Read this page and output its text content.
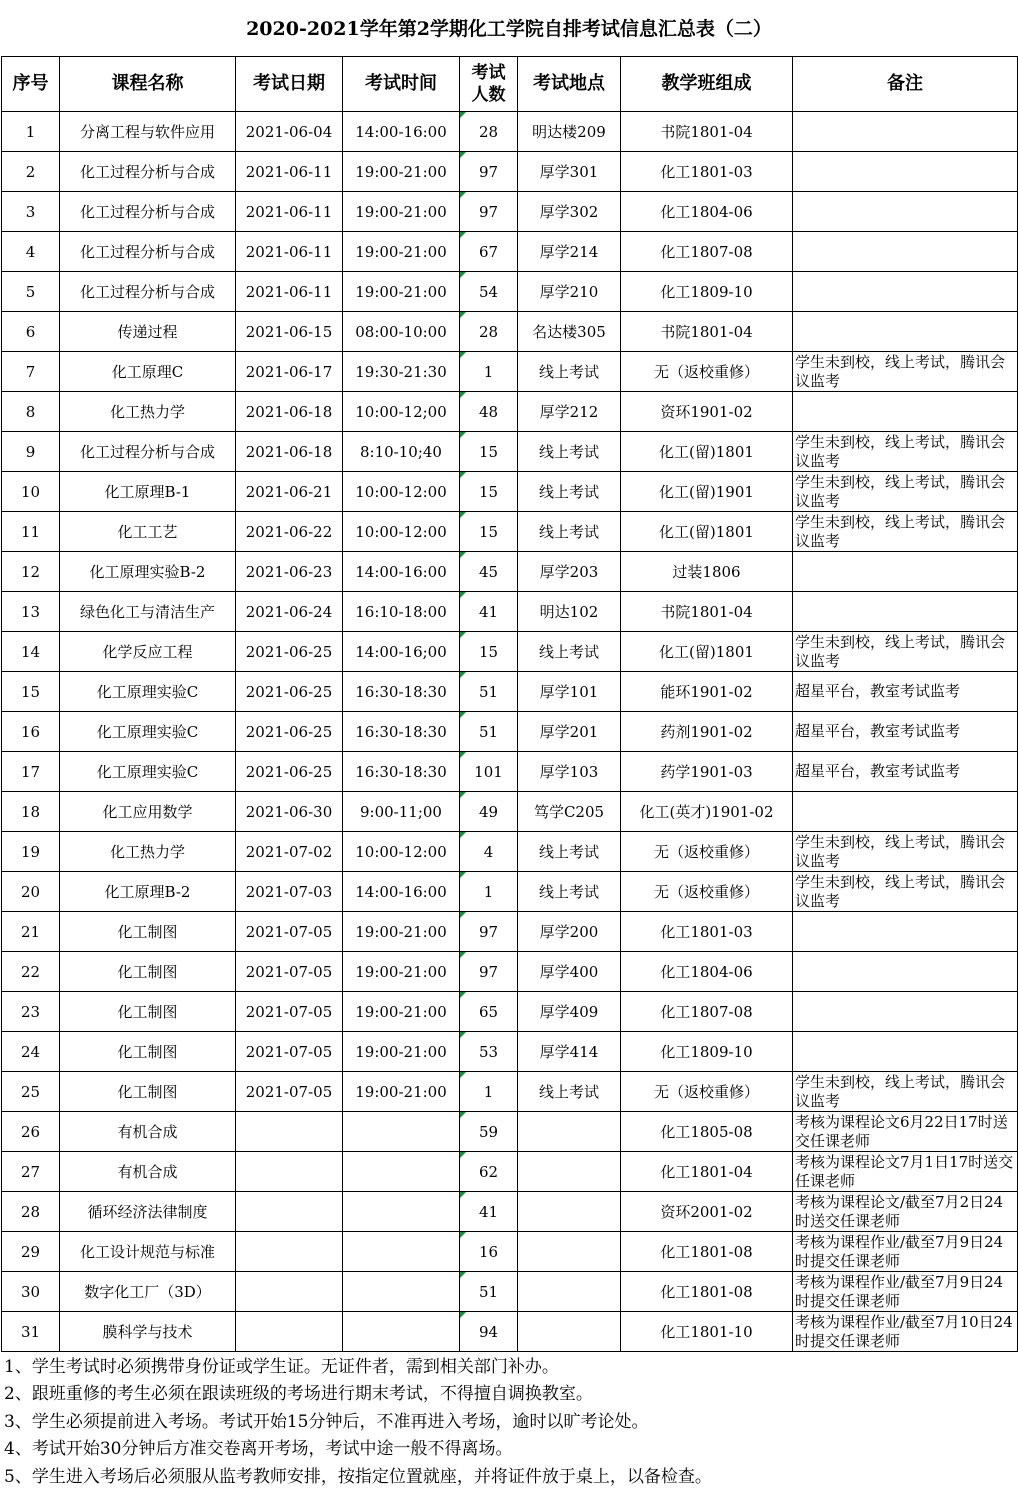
2020-2021学年第2学期化工学院自排考试信息汇总表（二）
序号	课程名称	考试日期	考试时间	考试人数	考试地点	教学班组成	备注
1	分离工程与软件应用	2021-06-04	14:00-16:00	28	明达楼209	书院1801-04	
2	化工过程分析与合成	2021-06-11	19:00-21:00	97	厚学301	化工1801-03	
3	化工过程分析与合成	2021-06-11	19:00-21:00	97	厚学302	化工1804-06	
4	化工过程分析与合成	2021-06-11	19:00-21:00	67	厚学214	化工1807-08	
5	化工过程分析与合成	2021-06-11	19:00-21:00	54	厚学210	化工1809-10	
6	传递过程	2021-06-15	08:00-10:00	28	名达楼305	书院1801-04	
7	化工原理C	2021-06-17	19:30-21:30	1	线上考试	无（返校重修）	学生未到校，线上考试，腾讯会议监考
8	化工热力学	2021-06-18	10:00-12;00	48	厚学212	资环1901-02	
9	化工过程分析与合成	2021-06-18	8:10-10;40	15	线上考试	化工(留)1801	学生未到校，线上考试，腾讯会议监考
10	化工原理B-1	2021-06-21	10:00-12:00	15	线上考试	化工(留)1901	学生未到校，线上考试，腾讯会议监考
11	化工工艺	2021-06-22	10:00-12:00	15	线上考试	化工(留)1801	学生未到校，线上考试，腾讯会议监考
12	化工原理实验B-2	2021-06-23	14:00-16:00	45	厚学203	过装1806	
13	绿色化工与清洁生产	2021-06-24	16:10-18:00	41	明达102	书院1801-04	
14	化学反应工程	2021-06-25	14:00-16;00	15	线上考试	化工(留)1801	学生未到校，线上考试，腾讯会议监考
15	化工原理实验C	2021-06-25	16:30-18:30	51	厚学101	能环1901-02	超星平台，教室考试监考
16	化工原理实验C	2021-06-25	16:30-18:30	51	厚学201	药剂1901-02	超星平台，教室考试监考
17	化工原理实验C	2021-06-25	16:30-18:30	101	厚学103	药学1901-03	超星平台，教室考试监考
18	化工应用数学	2021-06-30	9:00-11;00	49	笃学C205	化工(英才)1901-02	
19	化工热力学	2021-07-02	10:00-12:00	4	线上考试	无（返校重修）	学生未到校，线上考试，腾讯会议监考
20	化工原理B-2	2021-07-03	14:00-16:00	1	线上考试	无（返校重修）	学生未到校，线上考试，腾讯会议监考
21	化工制图	2021-07-05	19:00-21:00	97	厚学200	化工1801-03	
22	化工制图	2021-07-05	19:00-21:00	97	厚学400	化工1804-06	
23	化工制图	2021-07-05	19:00-21:00	65	厚学409	化工1807-08	
24	化工制图	2021-07-05	19:00-21:00	53	厚学414	化工1809-10	
25	化工制图	2021-07-05	19:00-21:00	1	线上考试	无（返校重修）	学生未到校，线上考试，腾讯会议监考
26	有机合成			59		化工1805-08	考核为课程论文6月22日17时送交任课老师
27	有机合成			62		化工1801-04	考核为课程论文7月1日17时送交任课老师
28	循环经济法律制度			41		资环2001-02	考核为课程论文/截至7月2日24时送交任课老师
29	化工设计规范与标准			16		化工1801-08	考核为课程作业/截至7月9日24时提交任课老师
30	数字化工厂（3D）			51		化工1801-08	考核为课程作业/截至7月9日24时提交任课老师
31	膜科学与技术			94		化工1801-10	考核为课程作业/截至7月10日24时提交任课老师
1、学生考试时必须携带身份证或学生证。无证件者，需到相关部门补办。
2、跟班重修的考生必须在跟读班级的考场进行期末考试，不得擅自调换教室。
3、学生必须提前进入考场。考试开始15分钟后，不准再进入考场，逾时以旷考论处。
4、考试开始30分钟后方准交卷离开考场，考试中途一般不得离场。
5、学生进入考场后必须服从监考教师安排，按指定位置就座，并将证件放于桌上，以备检查。
